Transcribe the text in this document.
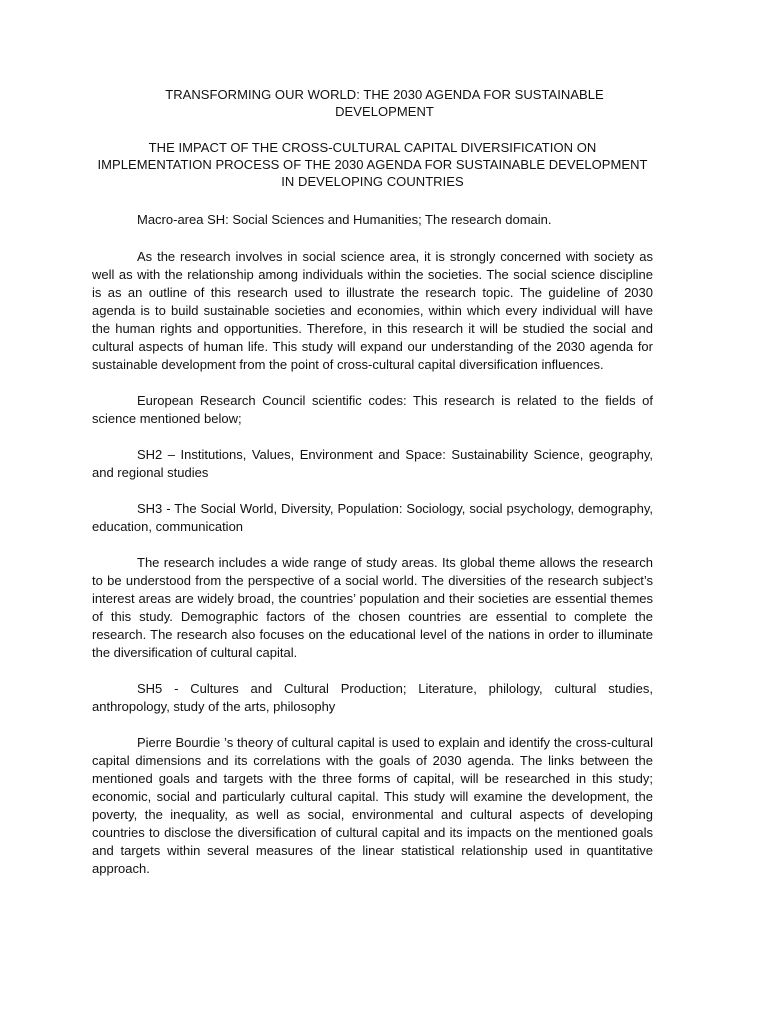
TRANSFORMING OUR WORLD: THE 2030 AGENDA FOR SUSTAINABLE DEVELOPMENT

THE IMPACT OF THE CROSS-CULTURAL CAPITAL DIVERSIFICATION ON IMPLEMENTATION PROCESS OF THE 2030 AGENDA FOR SUSTAINABLE DEVELOPMENT IN DEVELOPING COUNTRIES

Macro-area SH: Social Sciences and Humanities; The research domain.

As the research involves in social science area, it is strongly concerned with society as well as with the relationship among individuals within the societies. The social science discipline is as an outline of this research used to illustrate the research topic. The guideline of 2030 agenda is to build sustainable societies and economies, within which every individual will have the human rights and opportunities. Therefore, in this research it will be studied the social and cultural aspects of human life. This study will expand our understanding of the 2030 agenda for sustainable development from the point of cross-cultural capital diversification influences.

European Research Council scientific codes: This research is related to the fields of science mentioned below;

SH2 – Institutions, Values, Environment and Space: Sustainability Science, geography, and regional studies

SH3 - The Social World, Diversity, Population: Sociology, social psychology, demography, education, communication

The research includes a wide range of study areas. Its global theme allows the research to be understood from the perspective of a social world. The diversities of the research subject’s interest areas are widely broad, the countries’ population and their societies are essential themes of this study. Demographic factors of the chosen countries are essential to complete the research. The research also focuses on the educational level of the nations in order to illuminate the diversification of cultural capital.

SH5 - Cultures and Cultural Production; Literature, philology, cultural studies, anthropology, study of the arts, philosophy

Pierre Bourdie ’s theory of cultural capital is used to explain and identify the cross-cultural capital dimensions and its correlations with the goals of 2030 agenda. The links between the mentioned goals and targets with the three forms of capital, will be researched in this study; economic, social and particularly cultural capital. This study will examine the development, the poverty, the inequality, as well as social, environmental and cultural aspects of developing countries to disclose the diversification of cultural capital and its impacts on the mentioned goals and targets within several measures of the linear statistical relationship used in quantitative approach.
